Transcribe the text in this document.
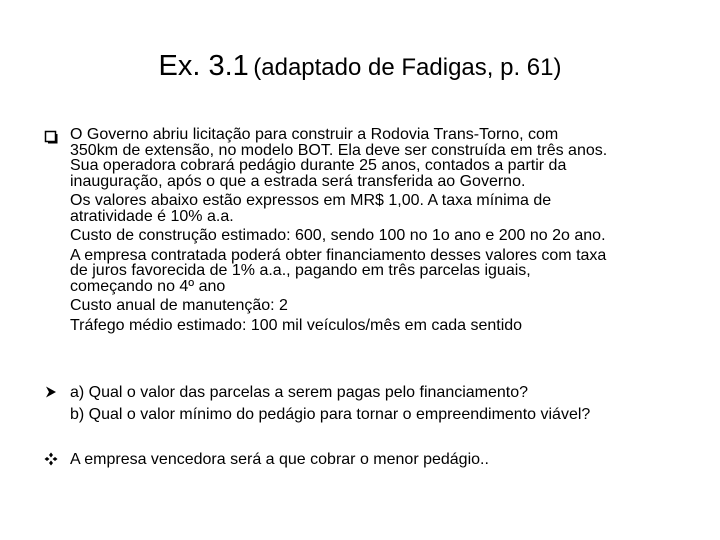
Ex. 3.1 (adaptado de Fadigas, p. 61)
O Governo abriu licitação para construir a Rodovia Trans-Torno, com
350km de extensão, no modelo BOT. Ela deve ser construída em três anos.
Sua operadora cobrará pedágio durante 25 anos, contados a partir da
inauguração, após o que a estrada será transferida ao Governo.
Os valores abaixo estão expressos em MR$ 1,00. A taxa mínima de
atratividade é 10% a.a.
Custo de construção estimado: 600, sendo 100 no 1o ano e 200 no 2o ano.
A empresa contratada poderá obter financiamento desses valores com taxa
de juros favorecida de 1% a.a., pagando em três parcelas iguais,
começando no 4º ano
Custo anual de manutenção: 2
Tráfego médio estimado: 100 mil veículos/mês em cada sentido
a) Qual o valor das parcelas a serem pagas pelo financiamento?
b) Qual o valor mínimo do pedágio para tornar o empreendimento viável?
A empresa vencedora será a que cobrar o menor pedágio..
